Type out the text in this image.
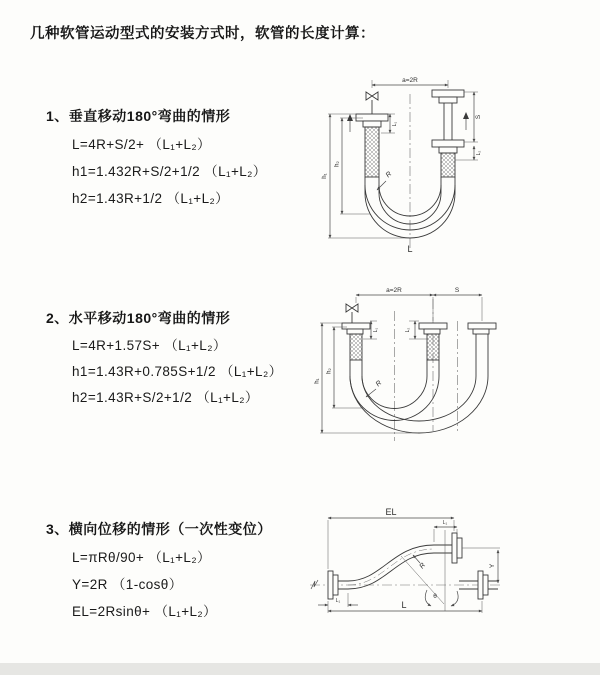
几种软管运动型式的安装方式时，软管的长度计算：
1、垂直移动180°弯曲的情形
L=4R+S/2+ （L₁+L₂）
h1=1.432R+S/2+1/2 （L₁+L₂）
h2=1.43R+1/2 （L₁+L₂）
2、水平移动180°弯曲的情形
L=4R+1.57S+ （L₁+L₂）
h1=1.43R+0.785S+1/2 （L₁+L₂）
h2=1.43R+S/2+1/2 （L₁+L₂）
3、横向位移的情形（一次性变位）
L=πRθ/90+ （L₁+L₂）
Y=2R （1-cosθ）
EL=2Rsinθ+ （L₁+L₂）
a=2R
R
h₁
h₂
L₁
S
L₂
L
a=2R	S
R
h₁
h₂
L₁	L₂
EL
L₁
R	Y
θ
L
L₁
